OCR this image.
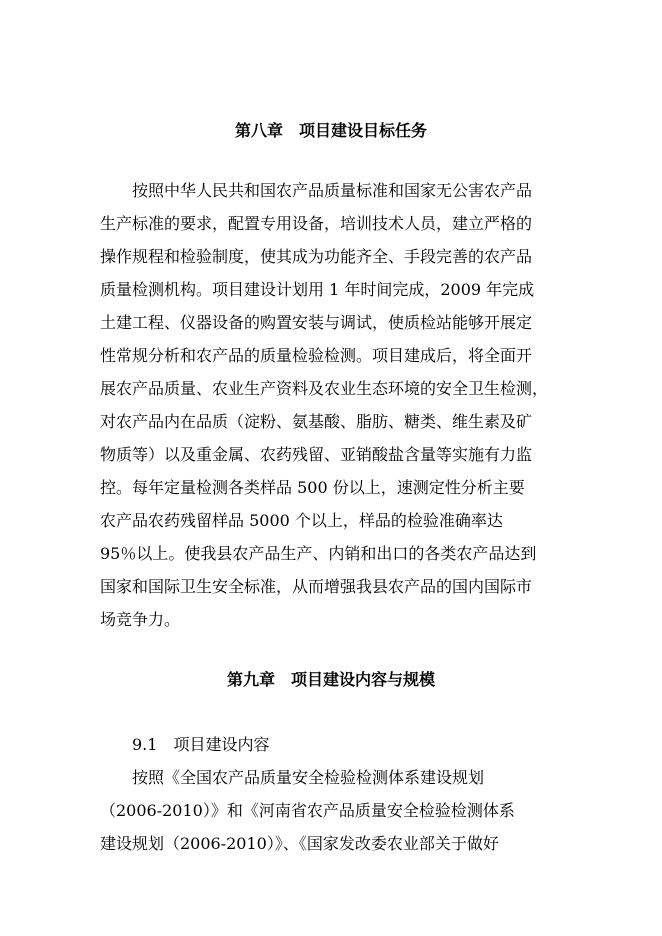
第八章　项目建设目标任务
　　按照中华人民共和国农产品质量标准和国家无公害农产品
生产标准的要求，配置专用设备，培训技术人员，建立严格的
操作规程和检验制度，使其成为功能齐全、手段完善的农产品
质量检测机构。项目建设计划用 1 年时间完成，2009 年完成
土建工程、仪器设备的购置安装与调试，使质检站能够开展定
性常规分析和农产品的质量检验检测。项目建成后，将全面开
展农产品质量、农业生产资料及农业生态环境的安全卫生检测，
对农产品内在品质（淀粉、氨基酸、脂肪、糖类、维生素及矿
物质等）以及重金属、农药残留、亚销酸盐含量等实施有力监
控。每年定量检测各类样品 500 份以上，速测定性分析主要
农产品农药残留样品 5000 个以上，样品的检验准确率达
95％以上。使我县农产品生产、内销和出口的各类农产品达到
国家和国际卫生安全标准，从而增强我县农产品的国内国际市
场竞争力。
第九章　项目建设内容与规模
　　9.1　项目建设内容
　　按照《全国农产品质量安全检验检测体系建设规划
（2006-2010）》和《河南省农产品质量安全检验检测体系
建设规划（2006-2010）》、《国家发改委农业部关于做好
